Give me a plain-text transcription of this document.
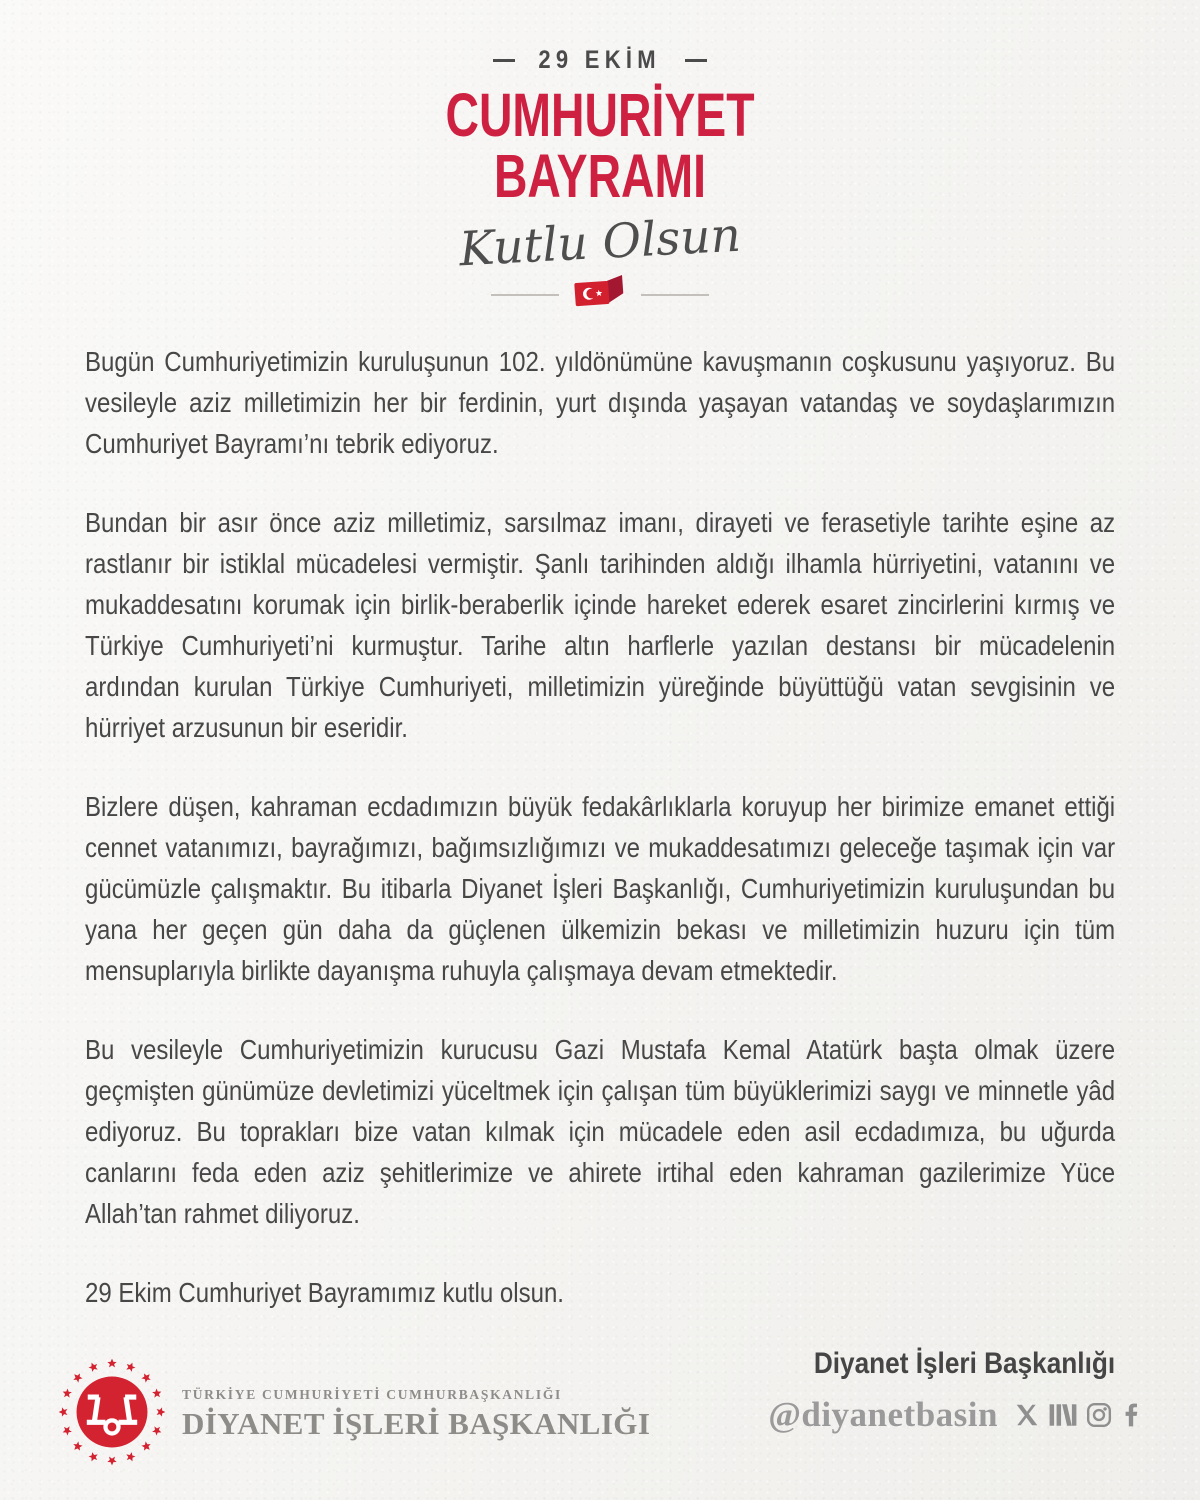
29 EKİM
CUMHURİYET
BAYRAMI
Kutlu Olsun

Bugün Cumhuriyetimizin kuruluşunun 102. yıldönümüne kavuşmanın coşkusunu yaşıyoruz. Bu vesileyle aziz milletimizin her bir ferdinin, yurt dışında yaşayan vatandaş ve soydaşlarımızın Cumhuriyet Bayramı’nı tebrik ediyoruz.

Bundan bir asır önce aziz milletimiz, sarsılmaz imanı, dirayeti ve ferasetiyle tarihte eşine az rastlanır bir istiklal mücadelesi vermiştir. Şanlı tarihinden aldığı ilhamla hürriyetini, vatanını ve mukaddesatını korumak için birlik-beraberlik içinde hareket ederek esaret zincirlerini kırmış ve Türkiye Cumhuriyeti’ni kurmuştur. Tarihe altın harflerle yazılan destansı bir mücadelenin ardından kurulan Türkiye Cumhuriyeti, milletimizin yüreğinde büyüttüğü vatan sevgisinin ve hürriyet arzusunun bir eseridir.

Bizlere düşen, kahraman ecdadımızın büyük fedakârlıklarla koruyup her birimize emanet ettiği cennet vatanımızı, bayrağımızı, bağımsızlığımızı ve mukaddesatımızı geleceğe taşımak için var gücümüzle çalışmaktır. Bu itibarla Diyanet İşleri Başkanlığı, Cumhuriyetimizin kuruluşundan bu yana her geçen gün daha da güçlenen ülkemizin bekası ve milletimizin huzuru için tüm mensuplarıyla birlikte dayanışma ruhuyla çalışmaya devam etmektedir.

Bu vesileyle Cumhuriyetimizin kurucusu Gazi Mustafa Kemal Atatürk başta olmak üzere geçmişten günümüze devletimizi yüceltmek için çalışan tüm büyüklerimizi saygı ve minnetle yâd ediyoruz. Bu toprakları bize vatan kılmak için mücadele eden asil ecdadımıza, bu uğurda canlarını feda eden aziz şehitlerimize ve ahirete irtihal eden kahraman gazilerimize Yüce Allah’tan rahmet diliyoruz.

29 Ekim Cumhuriyet Bayramımız kutlu olsun.

Diyanet İşleri Başkanlığı

TÜRKİYE CUMHURİYETİ CUMHURBAŞKANLIĞI
DİYANET İŞLERİ BAŞKANLIĞI	@diyanetbasin
